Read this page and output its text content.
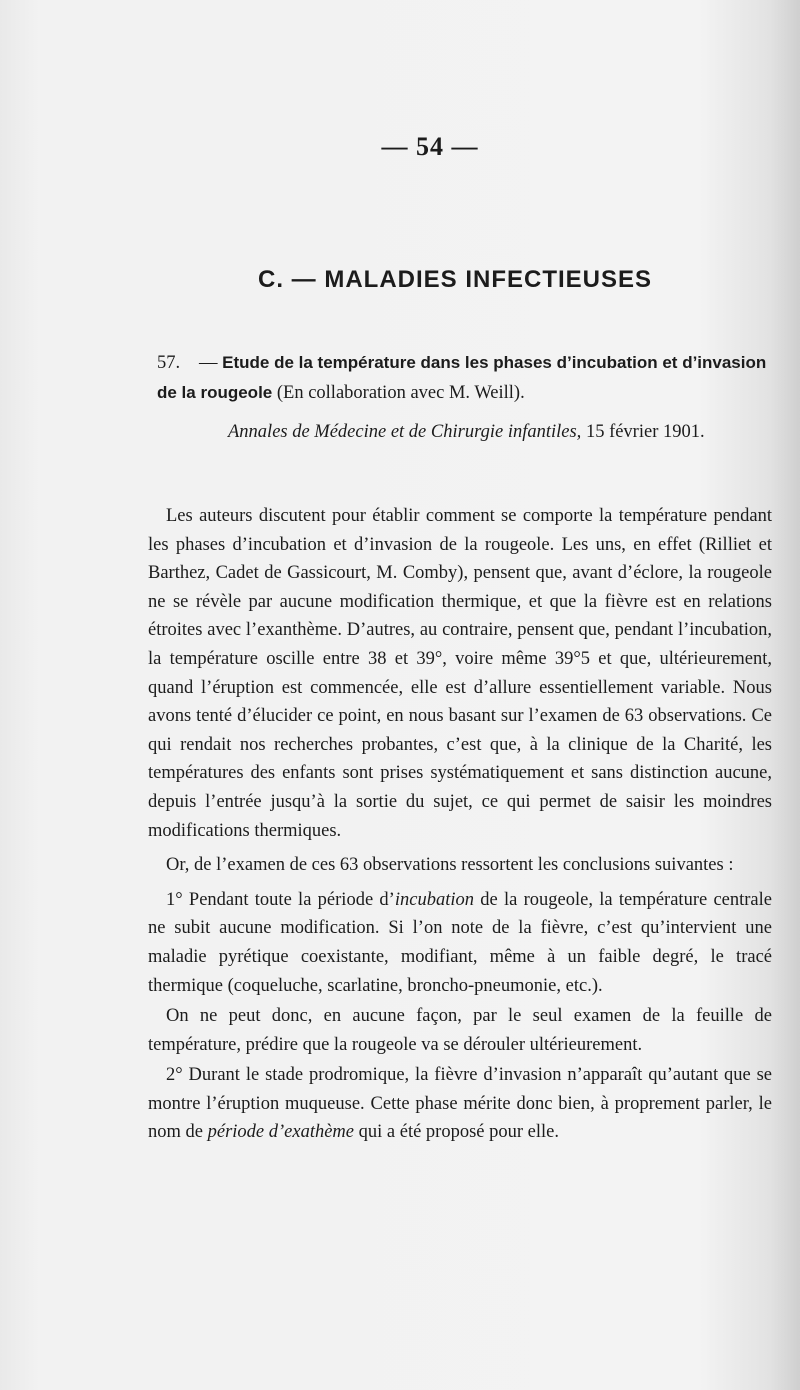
— 54 —
C. — MALADIES INFECTIEUSES

57. — Etude de la température dans les phases d’incubation et d’invasion de la rougeole (En collaboration avec M. Weill).

Annales de Médecine et de Chirurgie infantiles, 15 février 1901.

Les auteurs discutent pour établir comment se comporte la température pendant les phases d’incubation et d’invasion de la rougeole. Les uns, en effet (Rilliet et Barthez, Cadet de Gassicourt, M. Comby), pensent que, avant d’éclore, la rougeole ne se révèle par aucune modification thermique, et que la fièvre est en relations étroites avec l’exanthème. D’autres, au contraire, pensent que, pendant l’incubation, la température oscille entre 38 et 39°, voire même 39°5 et que, ultérieurement, quand l’éruption est commencée, elle est d’allure essentiellement variable. Nous avons tenté d’élucider ce point, en nous basant sur l’examen de 63 observations. Ce qui rendait nos recherches probantes, c’est que, à la clinique de la Charité, les températures des enfants sont prises systématiquement et sans distinction aucune, depuis l’entrée jusqu’à la sortie du sujet, ce qui permet de saisir les moindres modifications thermiques.

Or, de l’examen de ces 63 observations ressortent les conclusions suivantes :

1° Pendant toute la période d’incubation de la rougeole, la température centrale ne subit aucune modification. Si l’on note de la fièvre, c’est qu’intervient une maladie pyrétique coexistante, modifiant, même à un faible degré, le tracé thermique (coqueluche, scarlatine, broncho-pneumonie, etc.).

On ne peut donc, en aucune façon, par le seul examen de la feuille de température, prédire que la rougeole va se dérouler ultérieurement.

2° Durant le stade prodromique, la fièvre d’invasion n’apparaît qu’autant que se montre l’éruption muqueuse. Cette phase mérite donc bien, à proprement parler, le nom de période d’exathème qui a été proposé pour elle.
